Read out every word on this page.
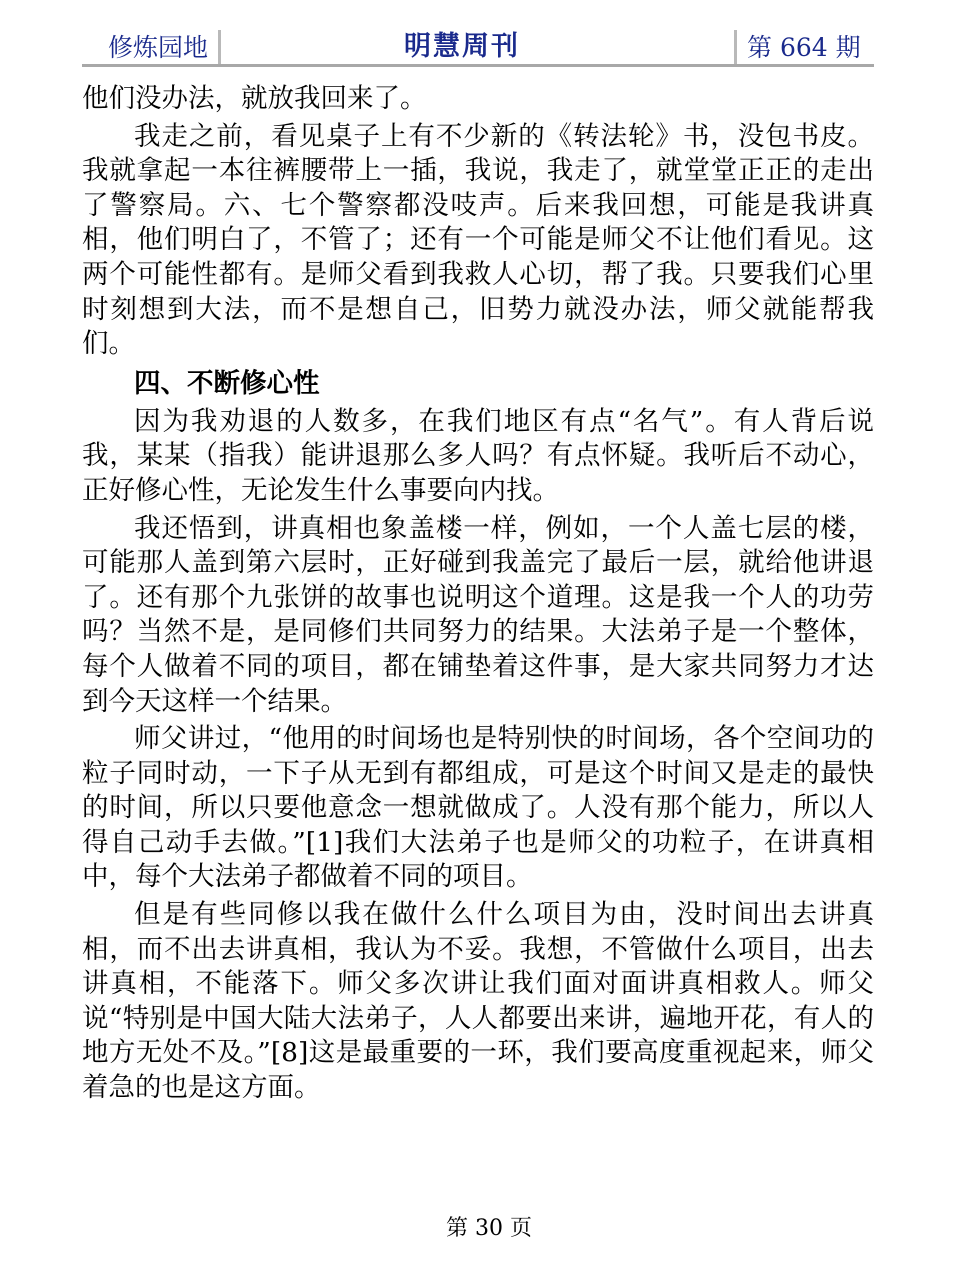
修炼园地	明慧周刊	第 664 期

他们没办法，就放我回来了。

我走之前，看见桌子上有不少新的《转法轮》书，没包书皮。我就拿起一本往裤腰带上一插，我说，我走了，就堂堂正正的走出了警察局。六、七个警察都没吱声。后来我回想，可能是我讲真相，他们明白了，不管了；还有一个可能是师父不让他们看见。这两个可能性都有。是师父看到我救人心切，帮了我。只要我们心里时刻想到大法，而不是想自己，旧势力就没办法，师父就能帮我们。

四、不断修心性

因为我劝退的人数多，在我们地区有点“名气”。有人背后说我，某某（指我）能讲退那么多人吗？有点怀疑。我听后不动心，正好修心性，无论发生什么事要向内找。

我还悟到，讲真相也象盖楼一样，例如，一个人盖七层的楼，可能那人盖到第六层时，正好碰到我盖完了最后一层，就给他讲退了。还有那个九张饼的故事也说明这个道理。这是我一个人的功劳吗？当然不是，是同修们共同努力的结果。大法弟子是一个整体，每个人做着不同的项目，都在铺垫着这件事，是大家共同努力才达到今天这样一个结果。

师父讲过，“他用的时间场也是特别快的时间场，各个空间功的粒子同时动，一下子从无到有都组成，可是这个时间又是走的最快的时间，所以只要他意念一想就做成了。人没有那个能力，所以人得自己动手去做。”[1]我们大法弟子也是师父的功粒子，在讲真相中，每个大法弟子都做着不同的项目。

但是有些同修以我在做什么什么项目为由，没时间出去讲真相，而不出去讲真相，我认为不妥。我想，不管做什么项目，出去讲真相，不能落下。师父多次讲让我们面对面讲真相救人。师父说“特别是中国大陆大法弟子，人人都要出来讲，遍地开花，有人的地方无处不及。”[8]这是最重要的一环，我们要高度重视起来，师父着急的也是这方面。

第 30 页
